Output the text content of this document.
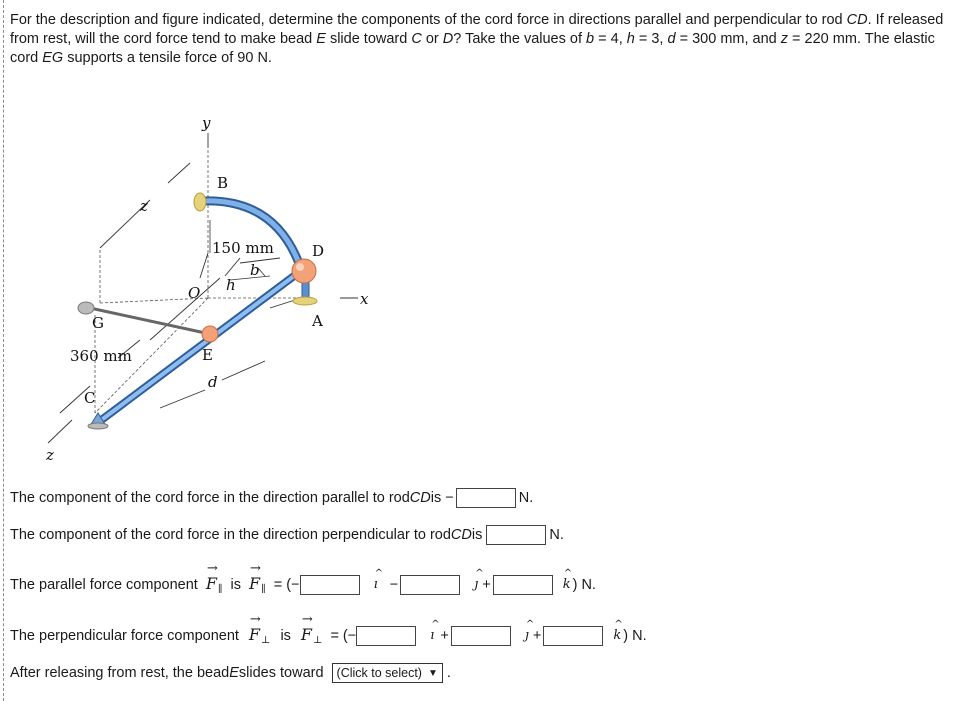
For the description and figure indicated, determine the components of the cord force in directions parallel and perpendicular to rod CD. If released from rest, will the cord force tend to make bead E slide toward C or D? Take the values of b = 4, h = 3, d = 300 mm, and z = 220 mm. The elastic cord EG supports a tensile force of 90 N.
y
B
150 mm
b
h
O
D
x
A
G
E
360 mm
d
C
z
z
The component of the cord force in the direction parallel to rod CD is −	N.
The component of the cord force in the direction perpendicular to rod CD is	N.
The parallel force component → $F_\parallel$ is → $F_\parallel$ = (−	^ ı −	^ ȷ +	^ k ) N.
The perpendicular force component → $F_\perp$ is → $F_\perp$ = (−	^ ı +	^ ȷ +	^ k ) N.
After releasing from rest, the bead E slides toward (Click to select) ▼ .
